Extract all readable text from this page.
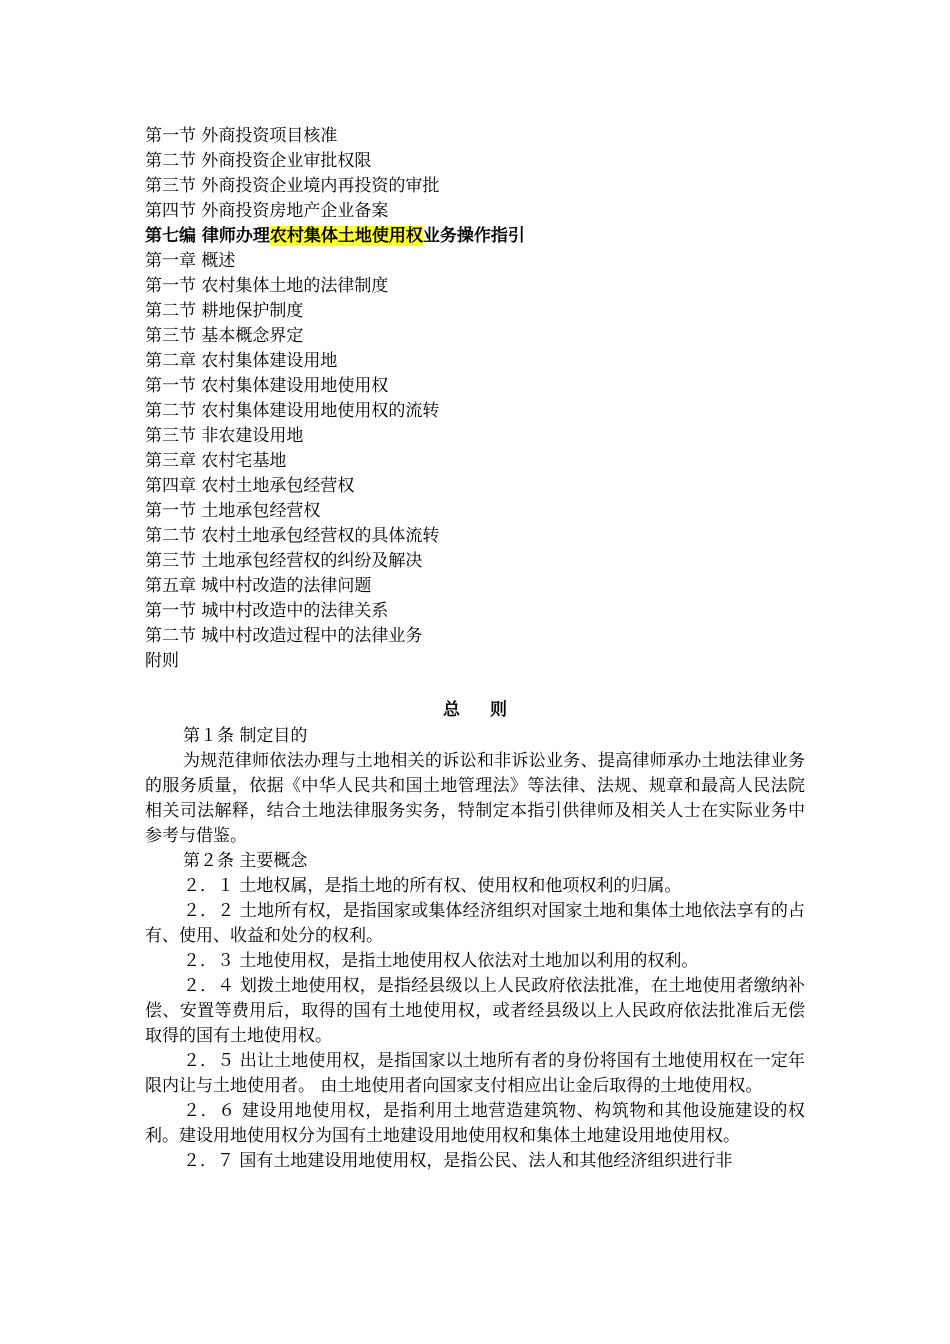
第一节 外商投资项目核准
第二节 外商投资企业审批权限
第三节 外商投资企业境内再投资的审批
第四节 外商投资房地产企业备案
第七编 律师办理农村集体土地使用权业务操作指引
第一章 概述
第一节 农村集体土地的法律制度
第二节 耕地保护制度
第三节 基本概念界定
第二章 农村集体建设用地
第一节 农村集体建设用地使用权
第二节 农村集体建设用地使用权的流转
第三节 非农建设用地
第三章 农村宅基地
第四章 农村土地承包经营权
第一节 土地承包经营权
第二节 农村土地承包经营权的具体流转
第三节 土地承包经营权的纠纷及解决
第五章 城中村改造的法律问题
第一节 城中村改造中的法律关系
第二节 城中村改造过程中的法律业务
附则
总则

第１条 制定目的

为规范律师依法办理与土地相关的诉讼和非诉讼业务、提高律师承办土地法律业务的服务质量，依据《中华人民共和国土地管理法》等法律、法规、规章和最高人民法院相关司法解释，结合土地法律服务实务，特制定本指引供律师及相关人士在实际业务中参考与借鉴。

第２条 主要概念

２．１ 土地权属，是指土地的所有权、使用权和他项权利的归属。

２．２ 土地所有权，是指国家或集体经济组织对国家土地和集体土地依法享有的占有、使用、收益和处分的权利。

２．３ 土地使用权，是指土地使用权人依法对土地加以利用的权利。

２．４ 划拨土地使用权，是指经县级以上人民政府依法批准，在土地使用者缴纳补偿、安置等费用后，取得的国有土地使用权，或者经县级以上人民政府依法批准后无偿取得的国有土地使用权。

２．５ 出让土地使用权，是指国家以土地所有者的身份将国有土地使用权在一定年限内让与土地使用者。 由土地使用者向国家支付相应出让金后取得的土地使用权。

２．６ 建设用地使用权，是指利用土地营造建筑物、构筑物和其他设施建设的权利。建设用地使用权分为国有土地建设用地使用权和集体土地建设用地使用权。

２．７ 国有土地建设用地使用权，是指公民、法人和其他经济组织进行非
